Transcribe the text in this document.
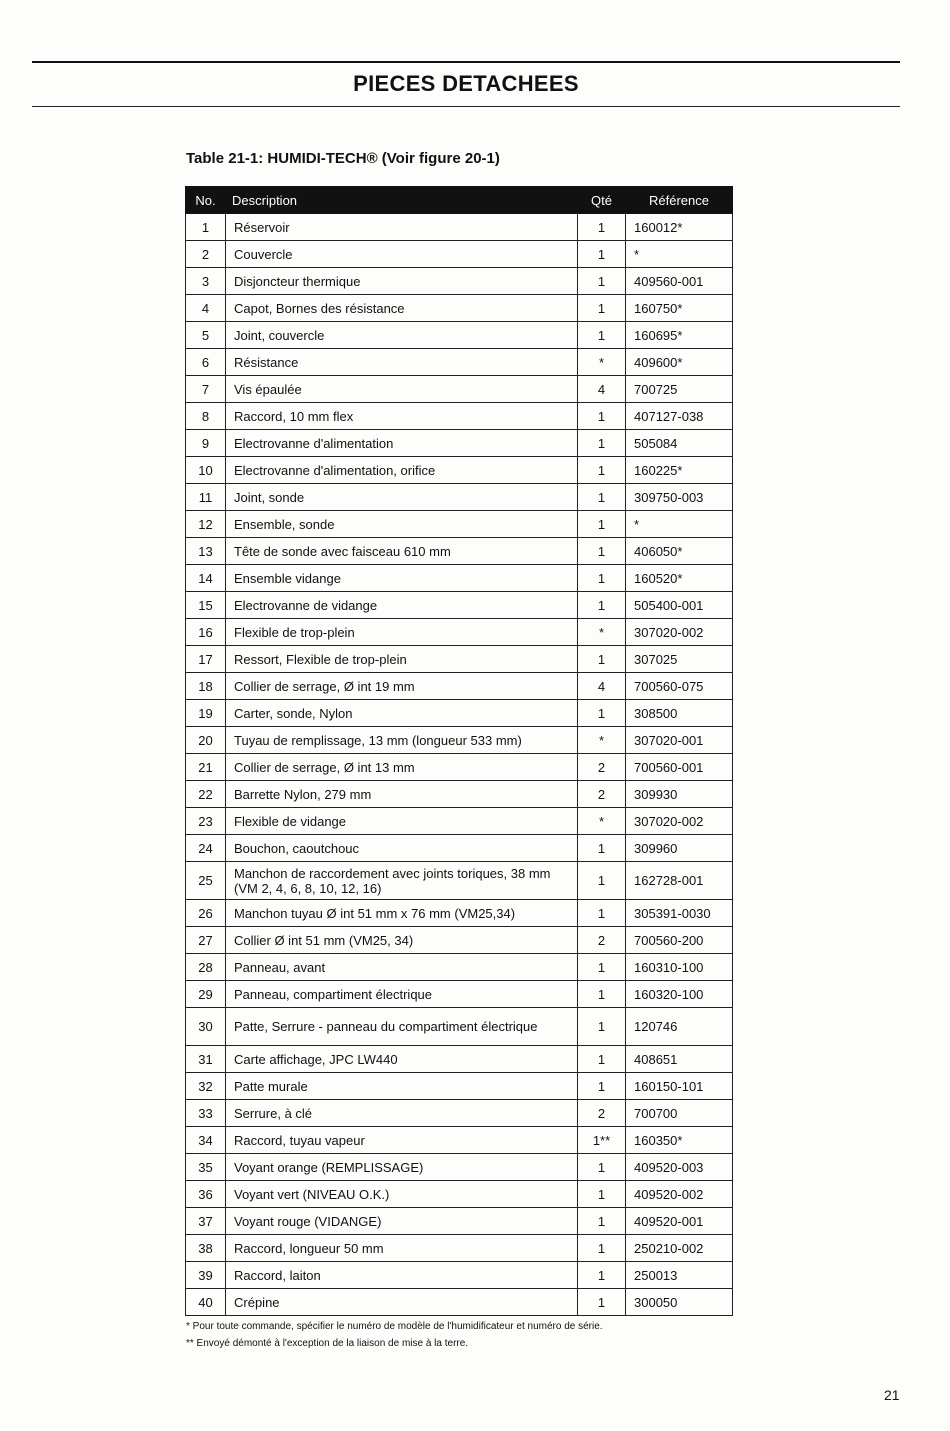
PIECES DETACHEES
Table 21-1: HUMIDI-TECH® (Voir figure 20-1)
No.	Description	Qté	Référence
1	Réservoir	1	160012*
2	Couvercle	1	*
3	Disjoncteur thermique	1	409560-001
4	Capot, Bornes des résistance	1	160750*
5	Joint, couvercle	1	160695*
6	Résistance	*	409600*
7	Vis épaulée	4	700725
8	Raccord, 10 mm flex	1	407127-038
9	Electrovanne d'alimentation	1	505084
10	Electrovanne d'alimentation, orifice	1	160225*
11	Joint, sonde	1	309750-003
12	Ensemble, sonde	1	*
13	Tête de sonde avec faisceau 610 mm	1	406050*
14	Ensemble vidange	1	160520*
15	Electrovanne de vidange	1	505400-001
16	Flexible de trop-plein	*	307020-002
17	Ressort, Flexible de trop-plein	1	307025
18	Collier de serrage, Ø int 19 mm	4	700560-075
19	Carter, sonde, Nylon	1	308500
20	Tuyau de remplissage, 13 mm (longueur 533 mm)	*	307020-001
21	Collier de serrage, Ø int 13 mm	2	700560-001
22	Barrette Nylon, 279 mm	2	309930
23	Flexible de vidange	*	307020-002
24	Bouchon, caoutchouc	1	309960
25	Manchon de raccordement avec joints toriques, 38 mm (VM 2, 4, 6, 8, 10, 12, 16)	1	162728-001
26	Manchon tuyau Ø int 51 mm x 76 mm (VM25,34)	1	305391-0030
27	Collier Ø int 51 mm (VM25, 34)	2	700560-200
28	Panneau, avant	1	160310-100
29	Panneau, compartiment électrique	1	160320-100
30	Patte, Serrure - panneau du compartiment électrique	1	120746
31	Carte affichage, JPC LW440	1	408651
32	Patte murale	1	160150-101
33	Serrure, à clé	2	700700
34	Raccord, tuyau vapeur	1**	160350*
35	Voyant orange (REMPLISSAGE)	1	409520-003
36	Voyant vert (NIVEAU O.K.)	1	409520-002
37	Voyant rouge (VIDANGE)	1	409520-001
38	Raccord, longueur 50 mm	1	250210-002
39	Raccord, laiton	1	250013
40	Crépine	1	300050
* Pour toute commande, spécifier le numéro de modèle de l'humidificateur et numéro de série.
** Envoyé démonté à l'exception de la liaison de mise à la terre.
21
